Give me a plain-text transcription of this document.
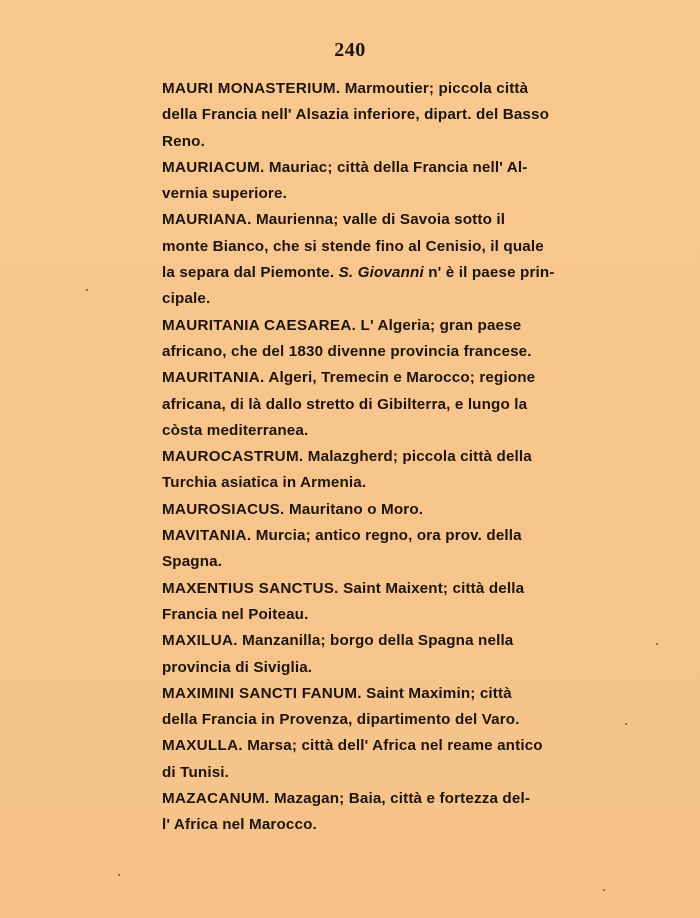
240

MAURI MONASTERIUM. Marmoutier; piccola città
della Francia nell' Alsazia inferiore, dipart. del Basso
Reno.

MAURIACUM. Mauriac; città della Francia nell' Al-
vernia superiore.

MAURIANA. Maurienna; valle di Savoia sotto il
monte Bianco, che si stende fino al Cenisio, il quale
la separa dal Piemonte. S. Giovanni n' è il paese prin-
cipale.

MAURITANIA CAESAREA. L' Algeria; gran paese
africano, che del 1830 divenne provincia francese.

MAURITANIA. Algeri, Tremecin e Marocco; regione
africana, di là dallo stretto di Gibilterra, e lungo la
còsta mediterranea.

MAUROCASTRUM. Malazgherd; piccola città della
Turchia asiatica in Armenia.

MAUROSIACUS. Mauritano o Moro.

MAVITANIA. Murcia; antico regno, ora prov. della
Spagna.

MAXENTIUS SANCTUS. Saint Maixent; città della
Francia nel Poiteau.

MAXILUA. Manzanilla; borgo della Spagna nella
provincia di Siviglia.

MAXIMINI SANCTI FANUM. Saint Maximin; città
della Francia in Provenza, dipartimento del Varo.

MAXULLA. Marsa; città dell' Africa nel reame antico
di Tunisi.

MAZACANUM. Mazagan; Baia, città e fortezza del-
l' Africa nel Marocco.
